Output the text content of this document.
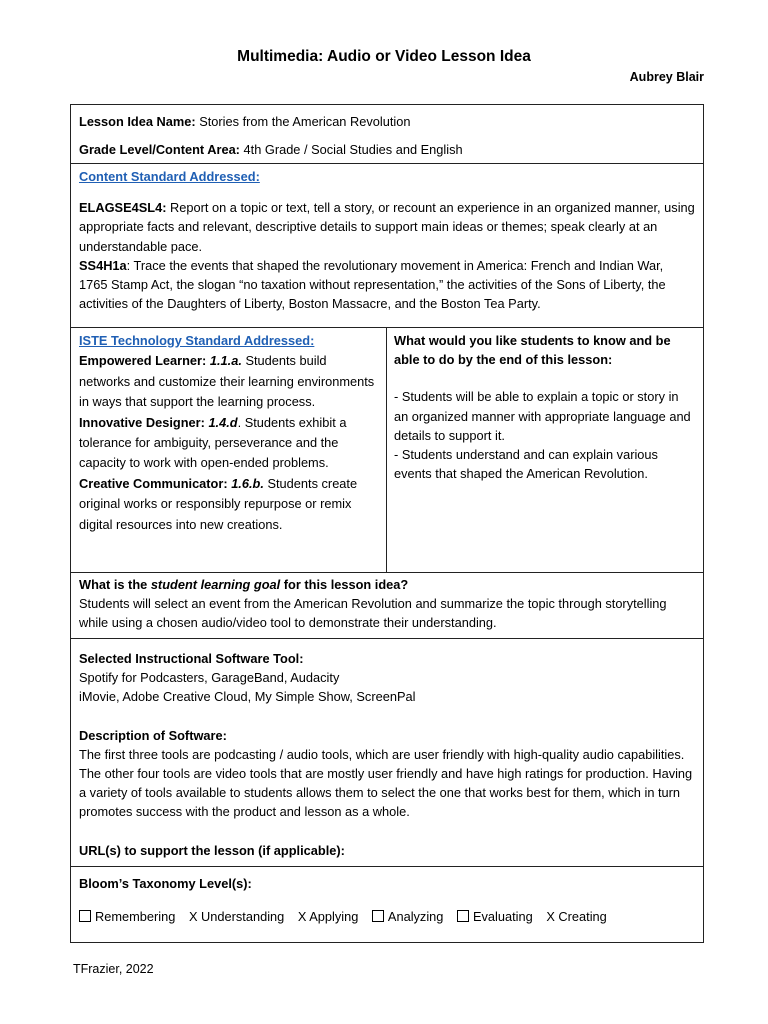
Multimedia: Audio or Video Lesson Idea
Aubrey Blair

Lesson Idea Name: Stories from the American Revolution

Grade Level/Content Area: 4th Grade / Social Studies and English

Content Standard Addressed:

ELAGSE4SL4: Report on a topic or text, tell a story, or recount an experience in an organized manner, using appropriate facts and relevant, descriptive details to support main ideas or themes; speak clearly at an understandable pace.

SS4H1a: Trace the events that shaped the revolutionary movement in America: French and Indian War, 1765 Stamp Act, the slogan “no taxation without representation,” the activities of the Sons of Liberty, the activities of the Daughters of Liberty, Boston Massacre, and the Boston Tea Party.

ISTE Technology Standard Addressed:

Empowered Learner: 1.1.a. Students build networks and customize their learning environments in ways that support the learning process.

Innovative Designer: 1.4.d. Students exhibit a tolerance for ambiguity, perseverance and the capacity to work with open-ended problems.

Creative Communicator: 1.6.b. Students create original works or responsibly repurpose or remix digital resources into new creations.

What would you like students to know and be able to do by the end of this lesson:

- Students will be able to explain a topic or story in an organized manner with appropriate language and details to support it.

- Students understand and can explain various events that shaped the American Revolution.

What is the student learning goal for this lesson idea?

Students will select an event from the American Revolution and summarize the topic through storytelling while using a chosen audio/video tool to demonstrate their understanding.

Selected Instructional Software Tool:

Spotify for Podcasters, GarageBand, Audacity

iMovie, Adobe Creative Cloud, My Simple Show, ScreenPal

Description of Software:

The first three tools are podcasting / audio tools, which are user friendly with high-quality audio capabilities. The other four tools are video tools that are mostly user friendly and have high ratings for production. Having a variety of tools available to students allows them to select the one that works best for them, which in turn promotes success with the product and lesson as a whole.

URL(s) to support the lesson (if applicable):

Bloom’s Taxonomy Level(s):

Remembering X Understanding X Applying Analyzing Evaluating X Creating
TFrazier, 2022
